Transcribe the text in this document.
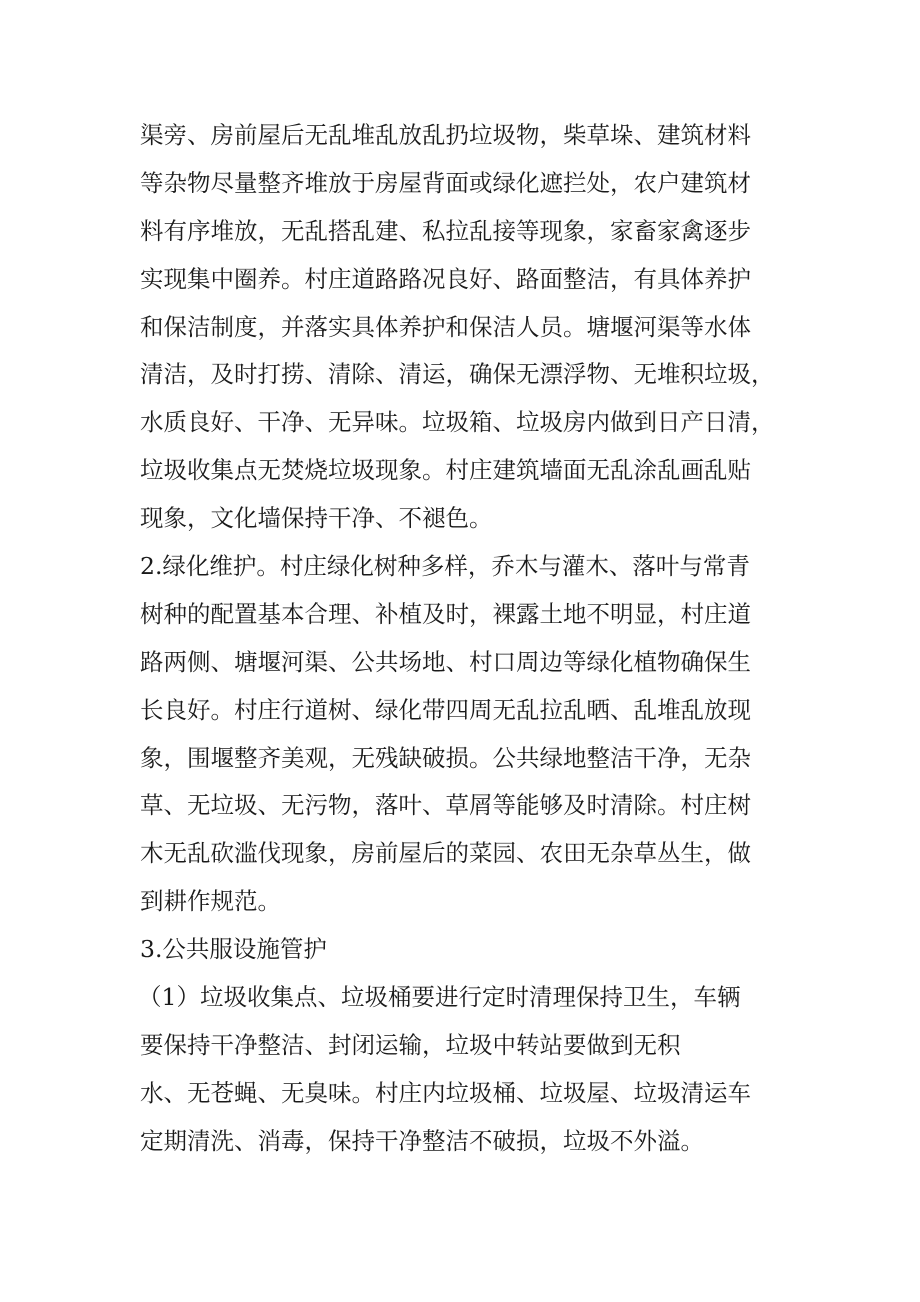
渠旁、房前屋后无乱堆乱放乱扔垃圾物，柴草垛、建筑材料
等杂物尽量整齐堆放于房屋背面或绿化遮拦处，农户建筑材
料有序堆放，无乱搭乱建、私拉乱接等现象，家畜家禽逐步
实现集中圈养。村庄道路路况良好、路面整洁，有具体养护
和保洁制度，并落实具体养护和保洁人员。塘堰河渠等水体
清洁，及时打捞、清除、清运，确保无漂浮物、无堆积垃圾，
水质良好、干净、无异味。垃圾箱、垃圾房内做到日产日清，
垃圾收集点无焚烧垃圾现象。村庄建筑墙面无乱涂乱画乱贴
现象，文化墙保持干净、不褪色。
2.绿化维护。村庄绿化树种多样，乔木与灌木、落叶与常青
树种的配置基本合理、补植及时，裸露土地不明显，村庄道
路两侧、塘堰河渠、公共场地、村口周边等绿化植物确保生
长良好。村庄行道树、绿化带四周无乱拉乱晒、乱堆乱放现
象，围堰整齐美观，无残缺破损。公共绿地整洁干净，无杂
草、无垃圾、无污物，落叶、草屑等能够及时清除。村庄树
木无乱砍滥伐现象，房前屋后的菜园、农田无杂草丛生，做
到耕作规范。
3.公共服设施管护
（1）垃圾收集点、垃圾桶要进行定时清理保持卫生，车辆
要保持干净整洁、封闭运输，垃圾中转站要做到无积
水、无苍蝇、无臭味。村庄内垃圾桶、垃圾屋、垃圾清运车
定期清洗、消毒，保持干净整洁不破损，垃圾不外溢。
